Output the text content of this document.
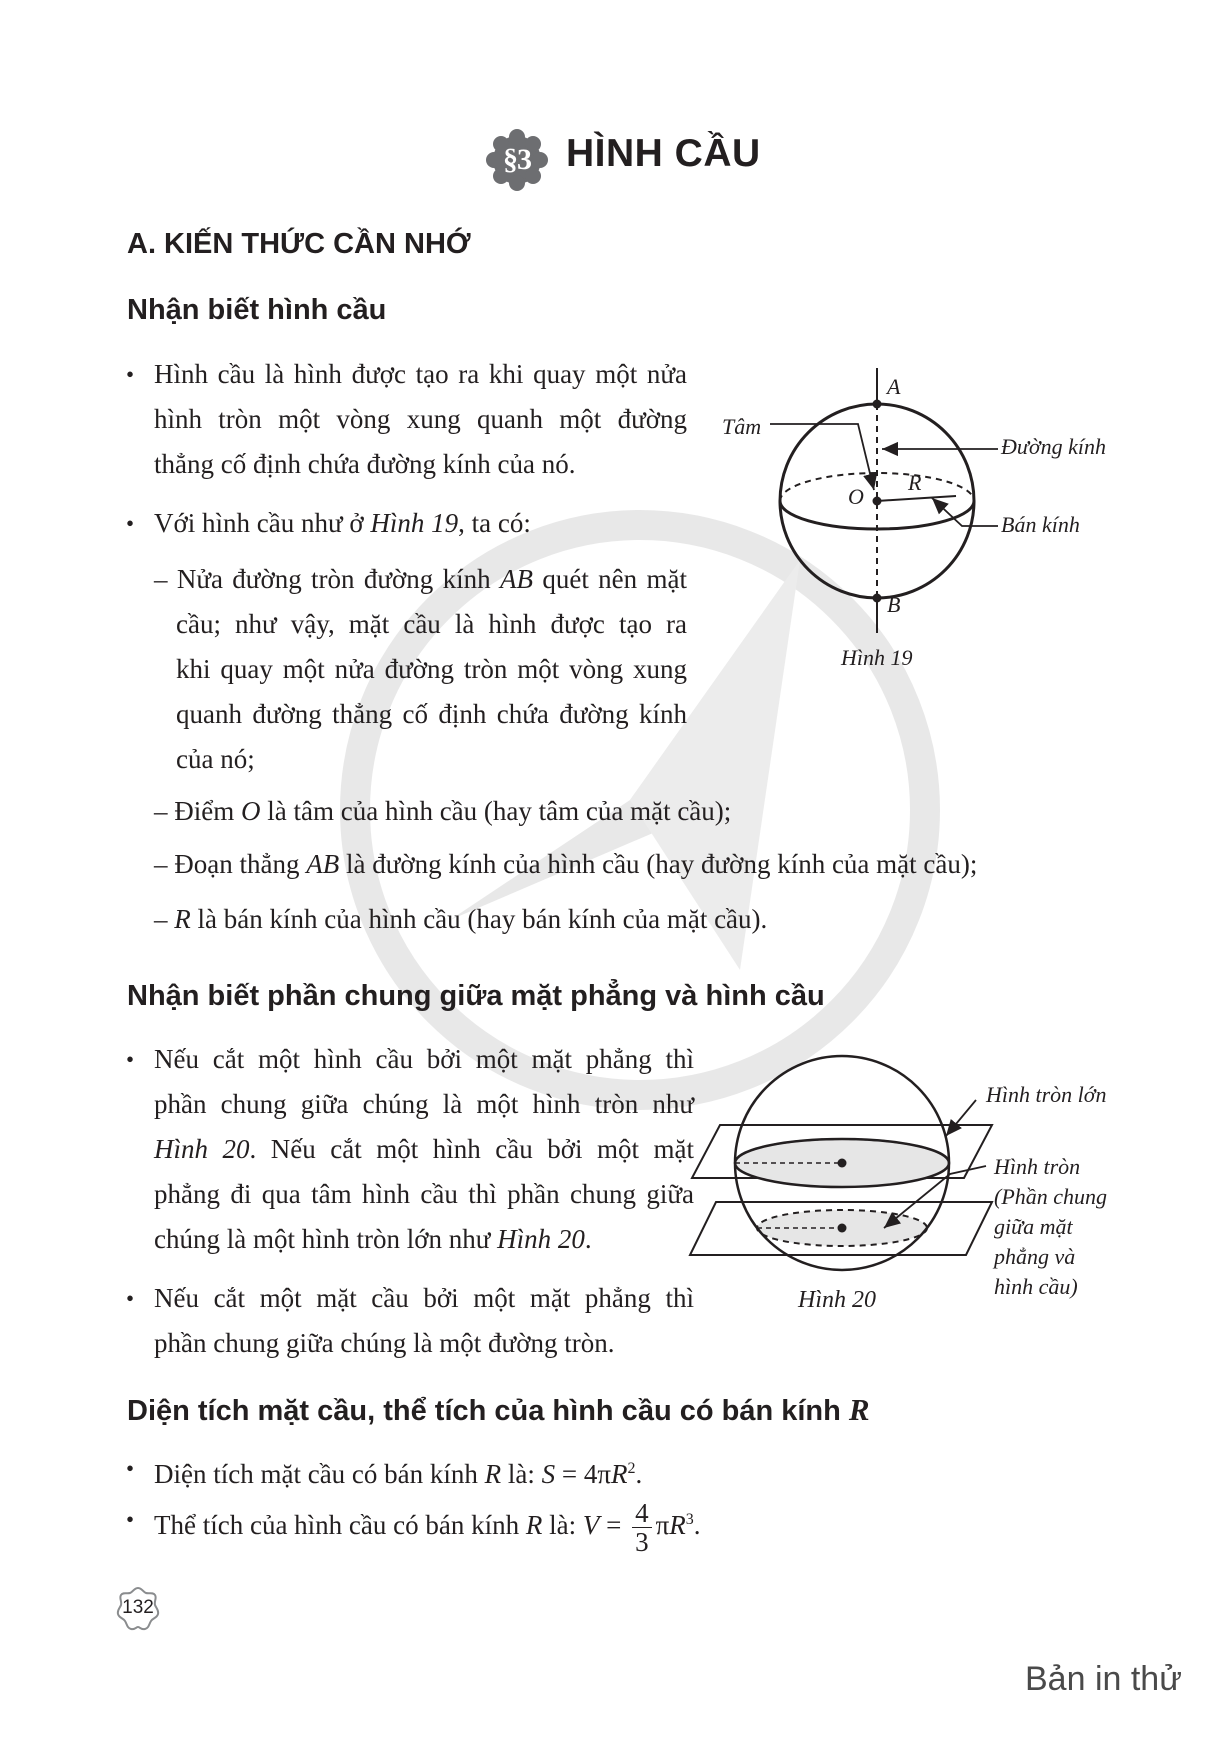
§3 HÌNH CẦU
A. KIẾN THỨC CẦN NHỚ
Nhận biết hình cầu
• Hình cầu là hình được tạo ra khi quay một nửa
hình tròn một vòng xung quanh một đường
thẳng cố định chứa đường kính của nó.
• Với hình cầu như ở Hình 19, ta có:
– Nửa đường tròn đường kính AB quét nên mặt
cầu; như vậy, mặt cầu là hình được tạo ra
khi quay một nửa đường tròn một vòng xung
quanh đường thẳng cố định chứa đường kính
của nó;
– Điểm O là tâm của hình cầu (hay tâm của mặt cầu);
– Đoạn thẳng AB là đường kính của hình cầu (hay đường kính của mặt cầu);
– R là bán kính của hình cầu (hay bán kính của mặt cầu).
A
B
O
R
Tâm
Đường kính
Bán kính
Hình 19
Nhận biết phần chung giữa mặt phẳng và hình cầu
• Nếu cắt một hình cầu bởi một mặt phẳng thì
phần chung giữa chúng là một hình tròn như
Hình 20. Nếu cắt một hình cầu bởi một mặt
phẳng đi qua tâm hình cầu thì phần chung giữa
chúng là một hình tròn lớn như Hình 20.
• Nếu cắt một mặt cầu bởi một mặt phẳng thì
phần chung giữa chúng là một đường tròn.
Hình tròn lớn
Hình tròn
(Phần chung
giữa mặt
phẳng và
hình cầu)
Hình 20
Diện tích mặt cầu, thể tích của hình cầu có bán kính R
• Diện tích mặt cầu có bán kính R là: $S = 4\pi R^2$.
• Thể tích của hình cầu có bán kính R là: $V = \frac{4}{3} \pi R^3$.
132
Bản in thử
